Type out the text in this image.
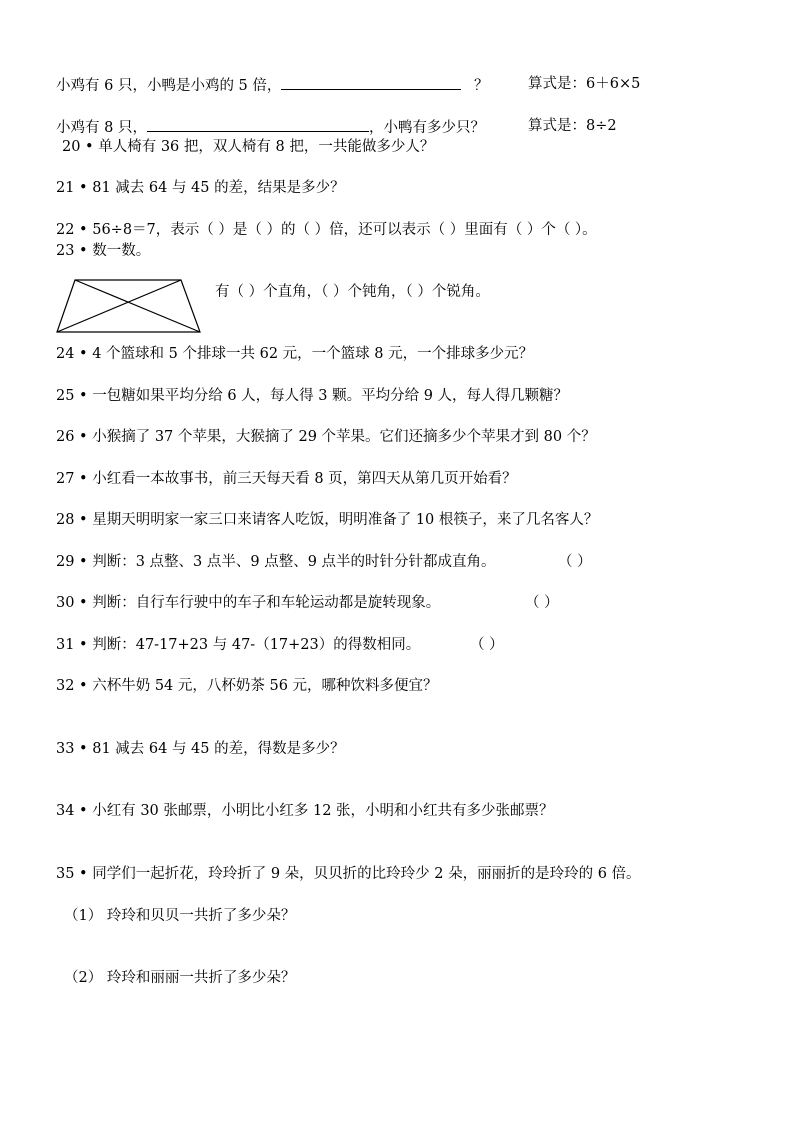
小鸡有 6 只，小鸭是小鸡的 5 倍，	？	算式是：6＋6×5
小鸡有 8 只，	，小鸭有多少只？	算式是：8÷2
20 • 单人椅有 36 把，双人椅有 8 把，一共能做多少人？
21 • 81 减去 64 与 45 的差，结果是多少？
22 • 56÷8＝7，表示（ ）是（ ）的（ ）倍，还可以表示（ ）里面有（ ）个（ ）。
23 • 数一数。
有（ ）个直角，（ ）个钝角，（ ）个锐角。
24 • 4 个篮球和 5 个排球一共 62 元，一个篮球 8 元，一个排球多少元？
25 • 一包糖如果平均分给 6 人，每人得 3 颗。平均分给 9 人，每人得几颗糖？
26 • 小猴摘了 37 个苹果，大猴摘了 29 个苹果。它们还摘多少个苹果才到 80 个？
27 • 小红看一本故事书，前三天每天看 8 页，第四天从第几页开始看？
28 • 星期天明明家一家三口来请客人吃饭，明明准备了 10 根筷子，来了几名客人？
29 • 判断：3 点整、3 点半、9 点整、9 点半的时针分针都成直角。	（ ）
30 • 判断：自行车行驶中的车子和车轮运动都是旋转现象。	（ ）
31 • 判断：47-17+23 与 47-（17+23）的得数相同。	（ ）
32 • 六杯牛奶 54 元，八杯奶茶 56 元，哪种饮料多便宜？
33 • 81 减去 64 与 45 的差，得数是多少？
34 • 小红有 30 张邮票，小明比小红多 12 张，小明和小红共有多少张邮票？
35 • 同学们一起折花，玲玲折了 9 朵，贝贝折的比玲玲少 2 朵，丽丽折的是玲玲的 6 倍。
（1） 玲玲和贝贝一共折了多少朵？
（2） 玲玲和丽丽一共折了多少朵？
